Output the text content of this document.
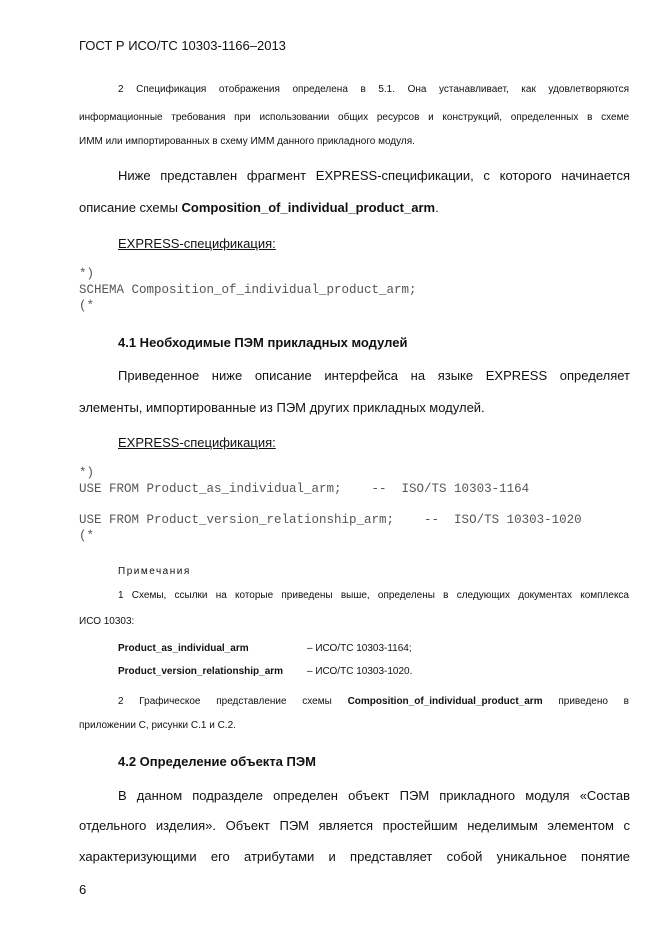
ГОСТ Р ИСО/ТС 10303-1166–2013
2 Спецификация отображения определена в 5.1. Она устанавливает, как удовлетворяются
информационные требования при использовании общих ресурсов и конструкций, определенных в схеме
ИММ или импортированных в схему ИММ данного прикладного модуля.
Ниже представлен фрагмент EXPRESS-спецификации, с которого начинается
описание схемы Composition_of_individual_product_arm.
EXPRESS-спецификация:
*)
SCHEMA Composition_of_individual_product_arm;
(*
4.1 Необходимые ПЭМ прикладных модулей
Приведенное ниже описание интерфейса на языке EXPRESS определяет
элементы, импортированные из ПЭМ других прикладных модулей.
EXPRESS-спецификация:
*)
USE FROM Product_as_individual_arm;    --  ISO/TS 10303-1164
USE FROM Product_version_relationship_arm;    --  ISO/TS 10303-1020
(*
Примечания
1 Схемы, ссылки на которые приведены выше, определены в следующих документах комплекса
ИСО 10303:
Product_as_individual_arm	– ИСО/ТС 10303-1164;
Product_version_relationship_arm – ИСО/ТС 10303-1020.
2 Графическое представление схемы Composition_of_individual_product_arm приведено в
приложении С, рисунки С.1 и С.2.
4.2 Определение объекта ПЭМ
В данном подразделе определен объект ПЭМ прикладного модуля «Состав
отдельного изделия». Объект ПЭМ является простейшим неделимым элементом с
характеризующими его атрибутами и представляет собой уникальное понятие
6
